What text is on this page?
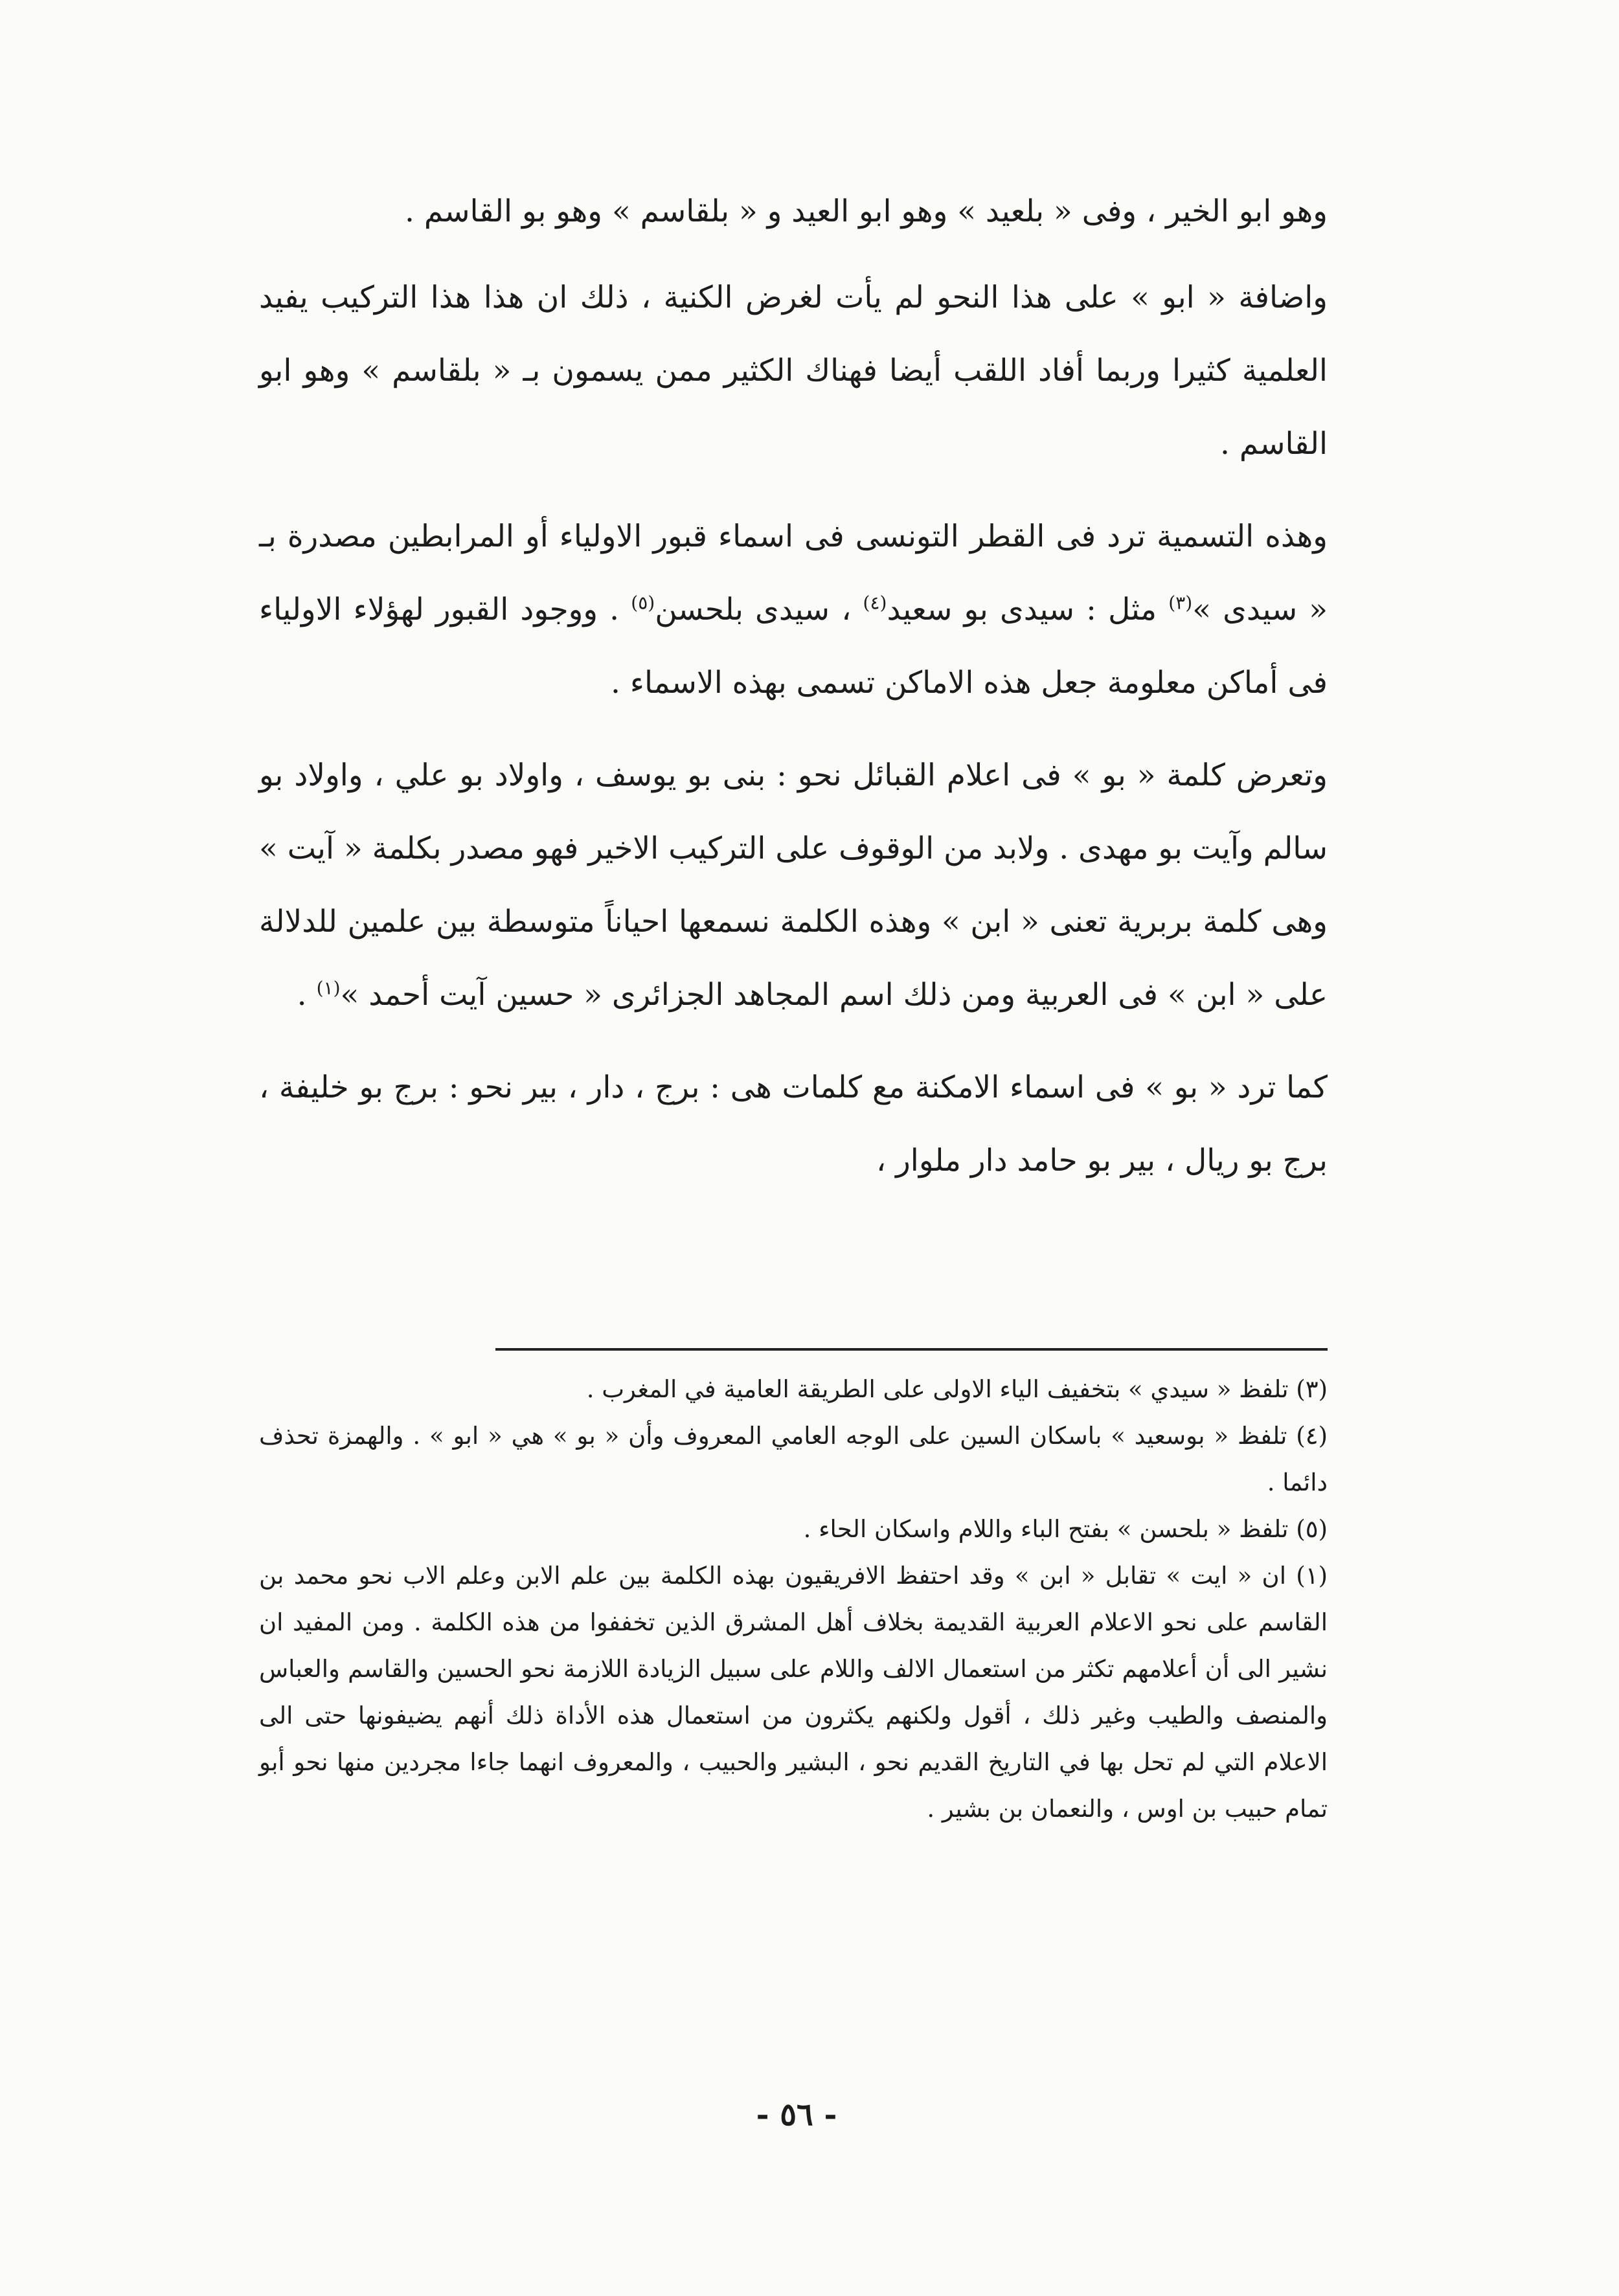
وهو ابو الخير ، وفى « بلعيد » وهو ابو العيد و « بلقاسم » وهو بو القاسم .

واضافة « ابو » على هذا النحو لم يأت لغرض الكنية ، ذلك ان هذا هذا التركيب يفيد العلمية كثيرا وربما أفاد اللقب أيضا فهناك الكثير ممن يسمون بـ « بلقاسم » وهو ابو القاسم .

وهذه التسمية ترد فى القطر التونسى فى اسماء قبور الاولياء أو المرابطين مصدرة بـ « سيدى »$^{(٣)}$ مثل : سيدى بو سعيد$^{(٤)}$ ، سيدى بلحسن$^{(٥)}$ . ووجود القبور لهؤلاء الاولياء فى أماكن معلومة جعل هذه الاماكن تسمى بهذه الاسماء .

وتعرض كلمة « بو » فى اعلام القبائل نحو : بنى بو يوسف ، واولاد بو علي ، واولاد بو سالم وآيت بو مهدى . ولابد من الوقوف على التركيب الاخير فهو مصدر بكلمة « آيت » وهى كلمة بربرية تعنى « ابن » وهذه الكلمة نسمعها احياناً متوسطة بين علمين للدلالة على « ابن » فى العربية ومن ذلك اسم المجاهد الجزائرى « حسين آيت أحمد »$^{(١)}$ .

كما ترد « بو » فى اسماء الامكنة مع كلمات هى : برج ، دار ، بير نحو : برج بو خليفة ، برج بو ريال ، بير بو حامد دار ملوار ،

(٣) تلفظ « سيدي » بتخفيف الياء الاولى على الطريقة العامية في المغرب .

(٤) تلفظ « بوسعيد » باسكان السين على الوجه العامي المعروف وأن « بو » هي « ابو » . والهمزة تحذف دائما .

(٥) تلفظ « بلحسن » بفتح الباء واللام واسكان الحاء .

(١) ان « ايت » تقابل « ابن » وقد احتفظ الافريقيون بهذه الكلمة بين علم الابن وعلم الاب نحو محمد بن القاسم على نحو الاعلام العربية القديمة بخلاف أهل المشرق الذين تخففوا من هذه الكلمة . ومن المفيد ان نشير الى أن أعلامهم تكثر من استعمال الالف واللام على سبيل الزيادة اللازمة نحو الحسين والقاسم والعباس والمنصف والطيب وغير ذلك ، أقول ولكنهم يكثرون من استعمال هذه الأداة ذلك أنهم يضيفونها حتى الى الاعلام التي لم تحل بها في التاريخ القديم نحو ، البشير والحبيب ، والمعروف انهما جاءا مجردين منها نحو أبو تمام حبيب بن اوس ، والنعمان بن بشير .

- ٥٦ -
